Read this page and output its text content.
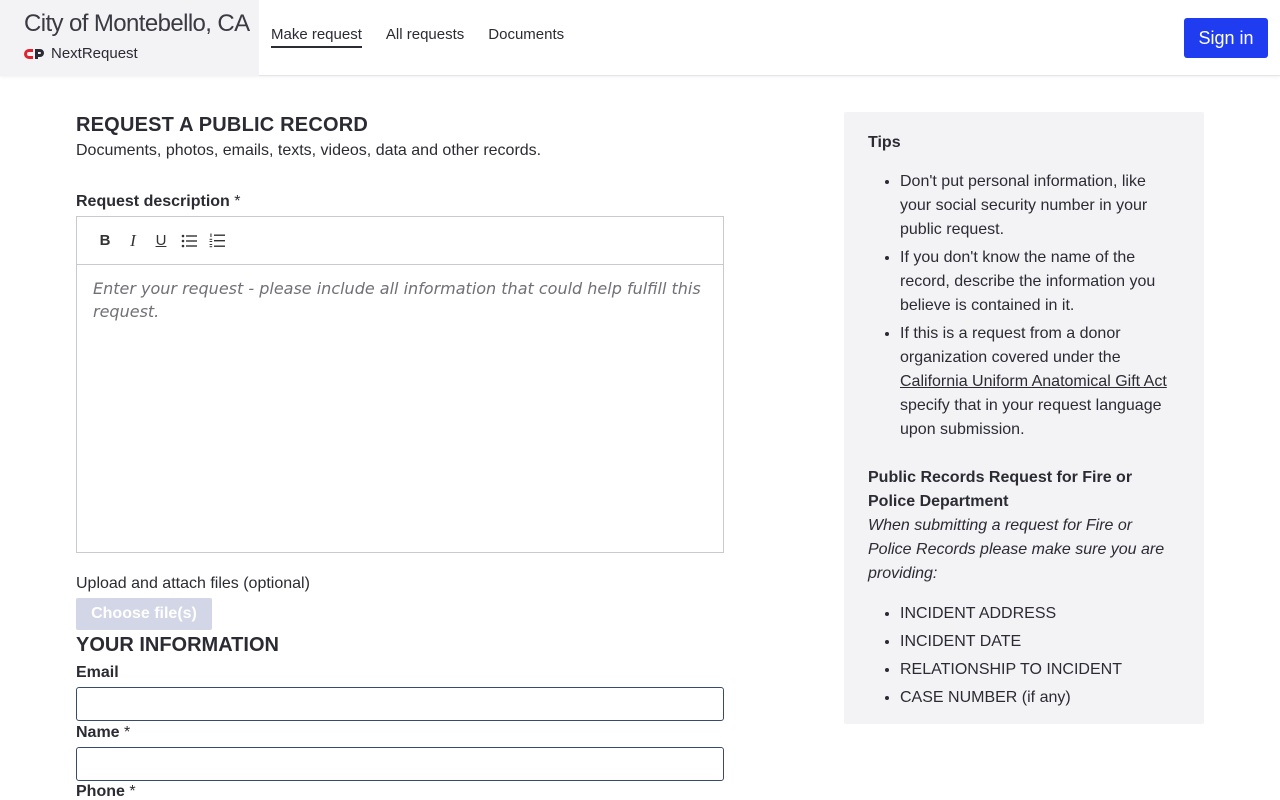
City of Montebello, CA
NextRequest
Make request All requests Documents	Sign in
REQUEST A PUBLIC RECORD
Documents, photos, emails, texts, videos, data and other records.
Request description *
B	I	U
Enter your request - please include all information that could help fulfill this request.
Upload and attach files (optional)
Choose file(s)
YOUR INFORMATION
Email
Name *
Phone *
Tips
• Don't put personal information, like your social security number in your public request.
• If you don't know the name of the record, describe the information you believe is contained in it.
• If this is a request from a donor organization covered under the California Uniform Anatomical Gift Act specify that in your request language upon submission.
Public Records Request for Fire or Police Department
When submitting a request for Fire or Police Records please make sure you are providing:
• INCIDENT ADDRESS
• INCIDENT DATE
• RELATIONSHIP TO INCIDENT
• CASE NUMBER (if any)
